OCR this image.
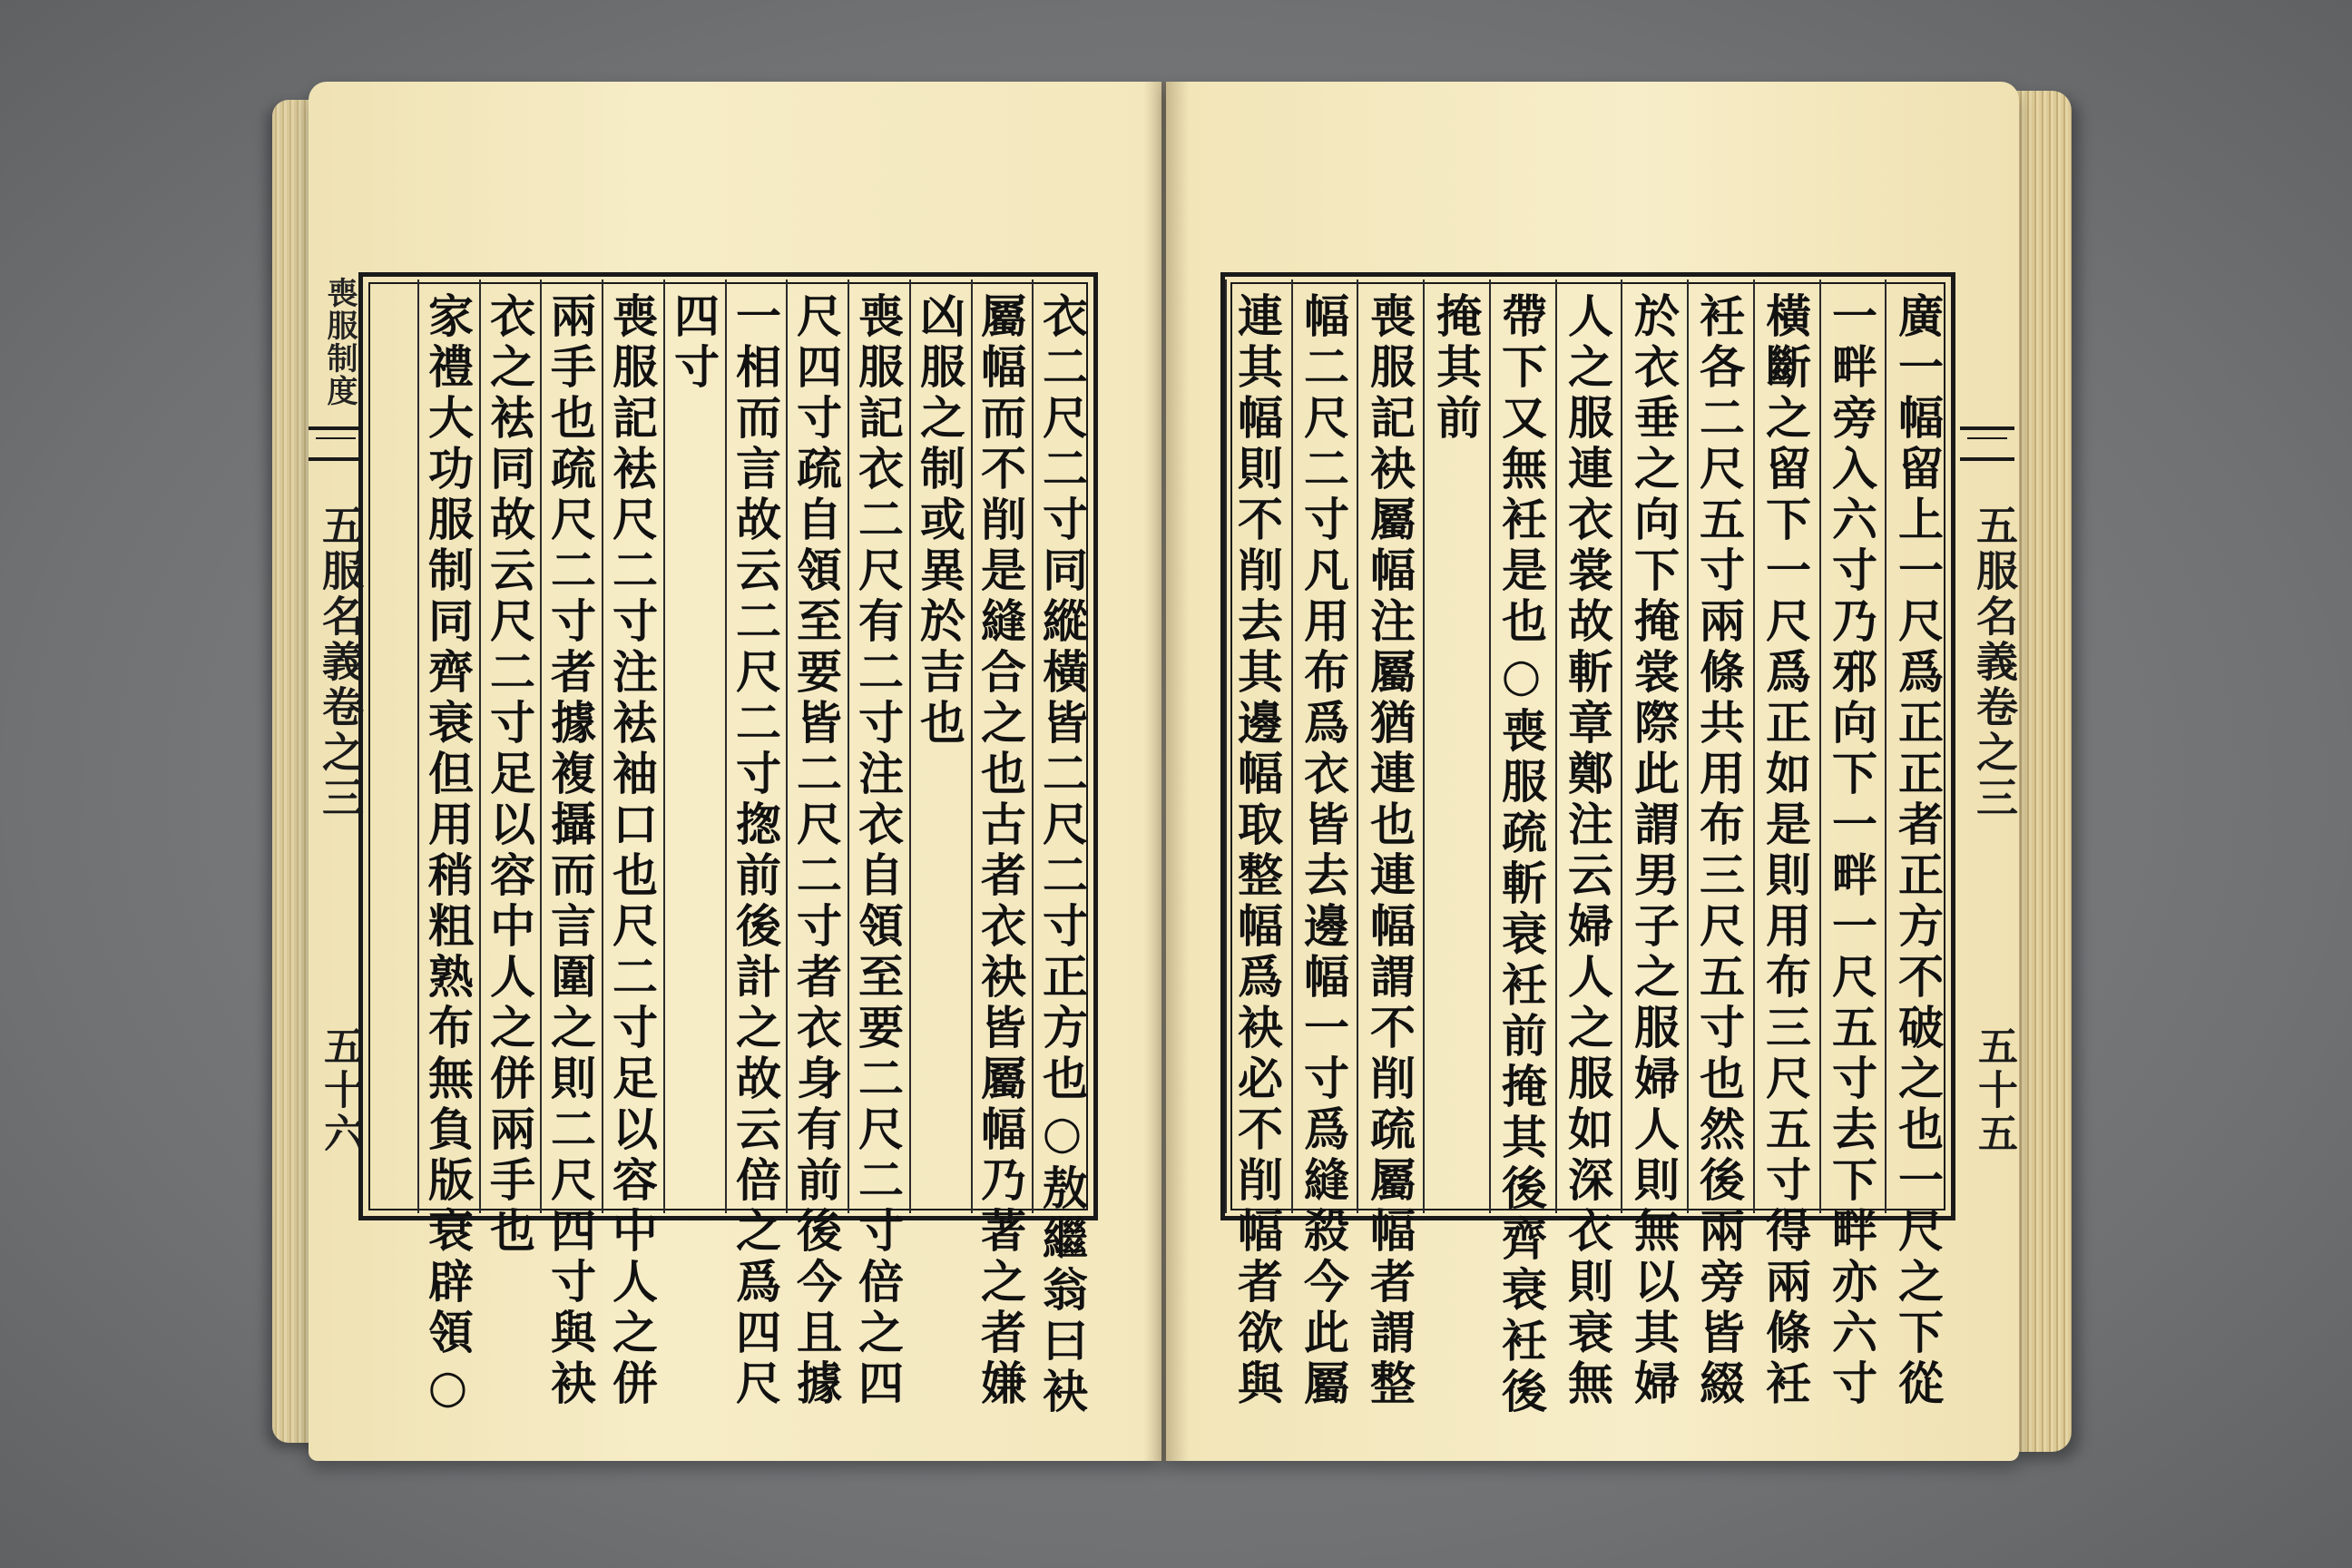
喪服制度
五服名義卷之三
五十六	衣二尺二寸同縱橫皆二尺二寸正方也○敖繼翁曰袂
屬幅而不削是縫合之也古者衣袂皆屬幅乃著之者嫌
凶服之制或異於吉也
喪服記衣二尺有二寸注衣自領至要二尺二寸倍之四
尺四寸疏自領至要皆二尺二寸者衣身有前後今且據
一相而言故云二尺二寸揔前後計之故云倍之爲四尺
四寸
喪服記袪尺二寸注袪袖口也尺二寸足以容中人之併
兩手也疏尺二寸者據複攝而言圍之則二尺四寸與袂
衣之袪同故云尺二寸足以容中人之併兩手也
家禮大功服制同齊衰但用稍粗熟布無負版衰辟領○	五服名義卷之三
五十五
廣一幅留上一尺爲正正者正方不破之也一尺之下從
一畔旁入六寸乃邪向下一畔一尺五寸去下畔亦六寸
橫斷之留下一尺爲正如是則用布三尺五寸得兩條衽
衽各二尺五寸兩條共用布三尺五寸也然後兩旁皆綴
於衣垂之向下掩裳際此謂男子之服婦人則無以其婦
人之服連衣裳故斬章鄭注云婦人之服如深衣則衰無
帶下又無衽是也○喪服疏斬衰衽前掩其後齊衰衽後
掩其前
喪服記袂屬幅注屬猶連也連幅謂不削疏屬幅者謂整
幅二尺二寸凡用布爲衣皆去邊幅一寸爲縫殺今此屬
連其幅則不削去其邊幅取整幅爲袂必不削幅者欲與
